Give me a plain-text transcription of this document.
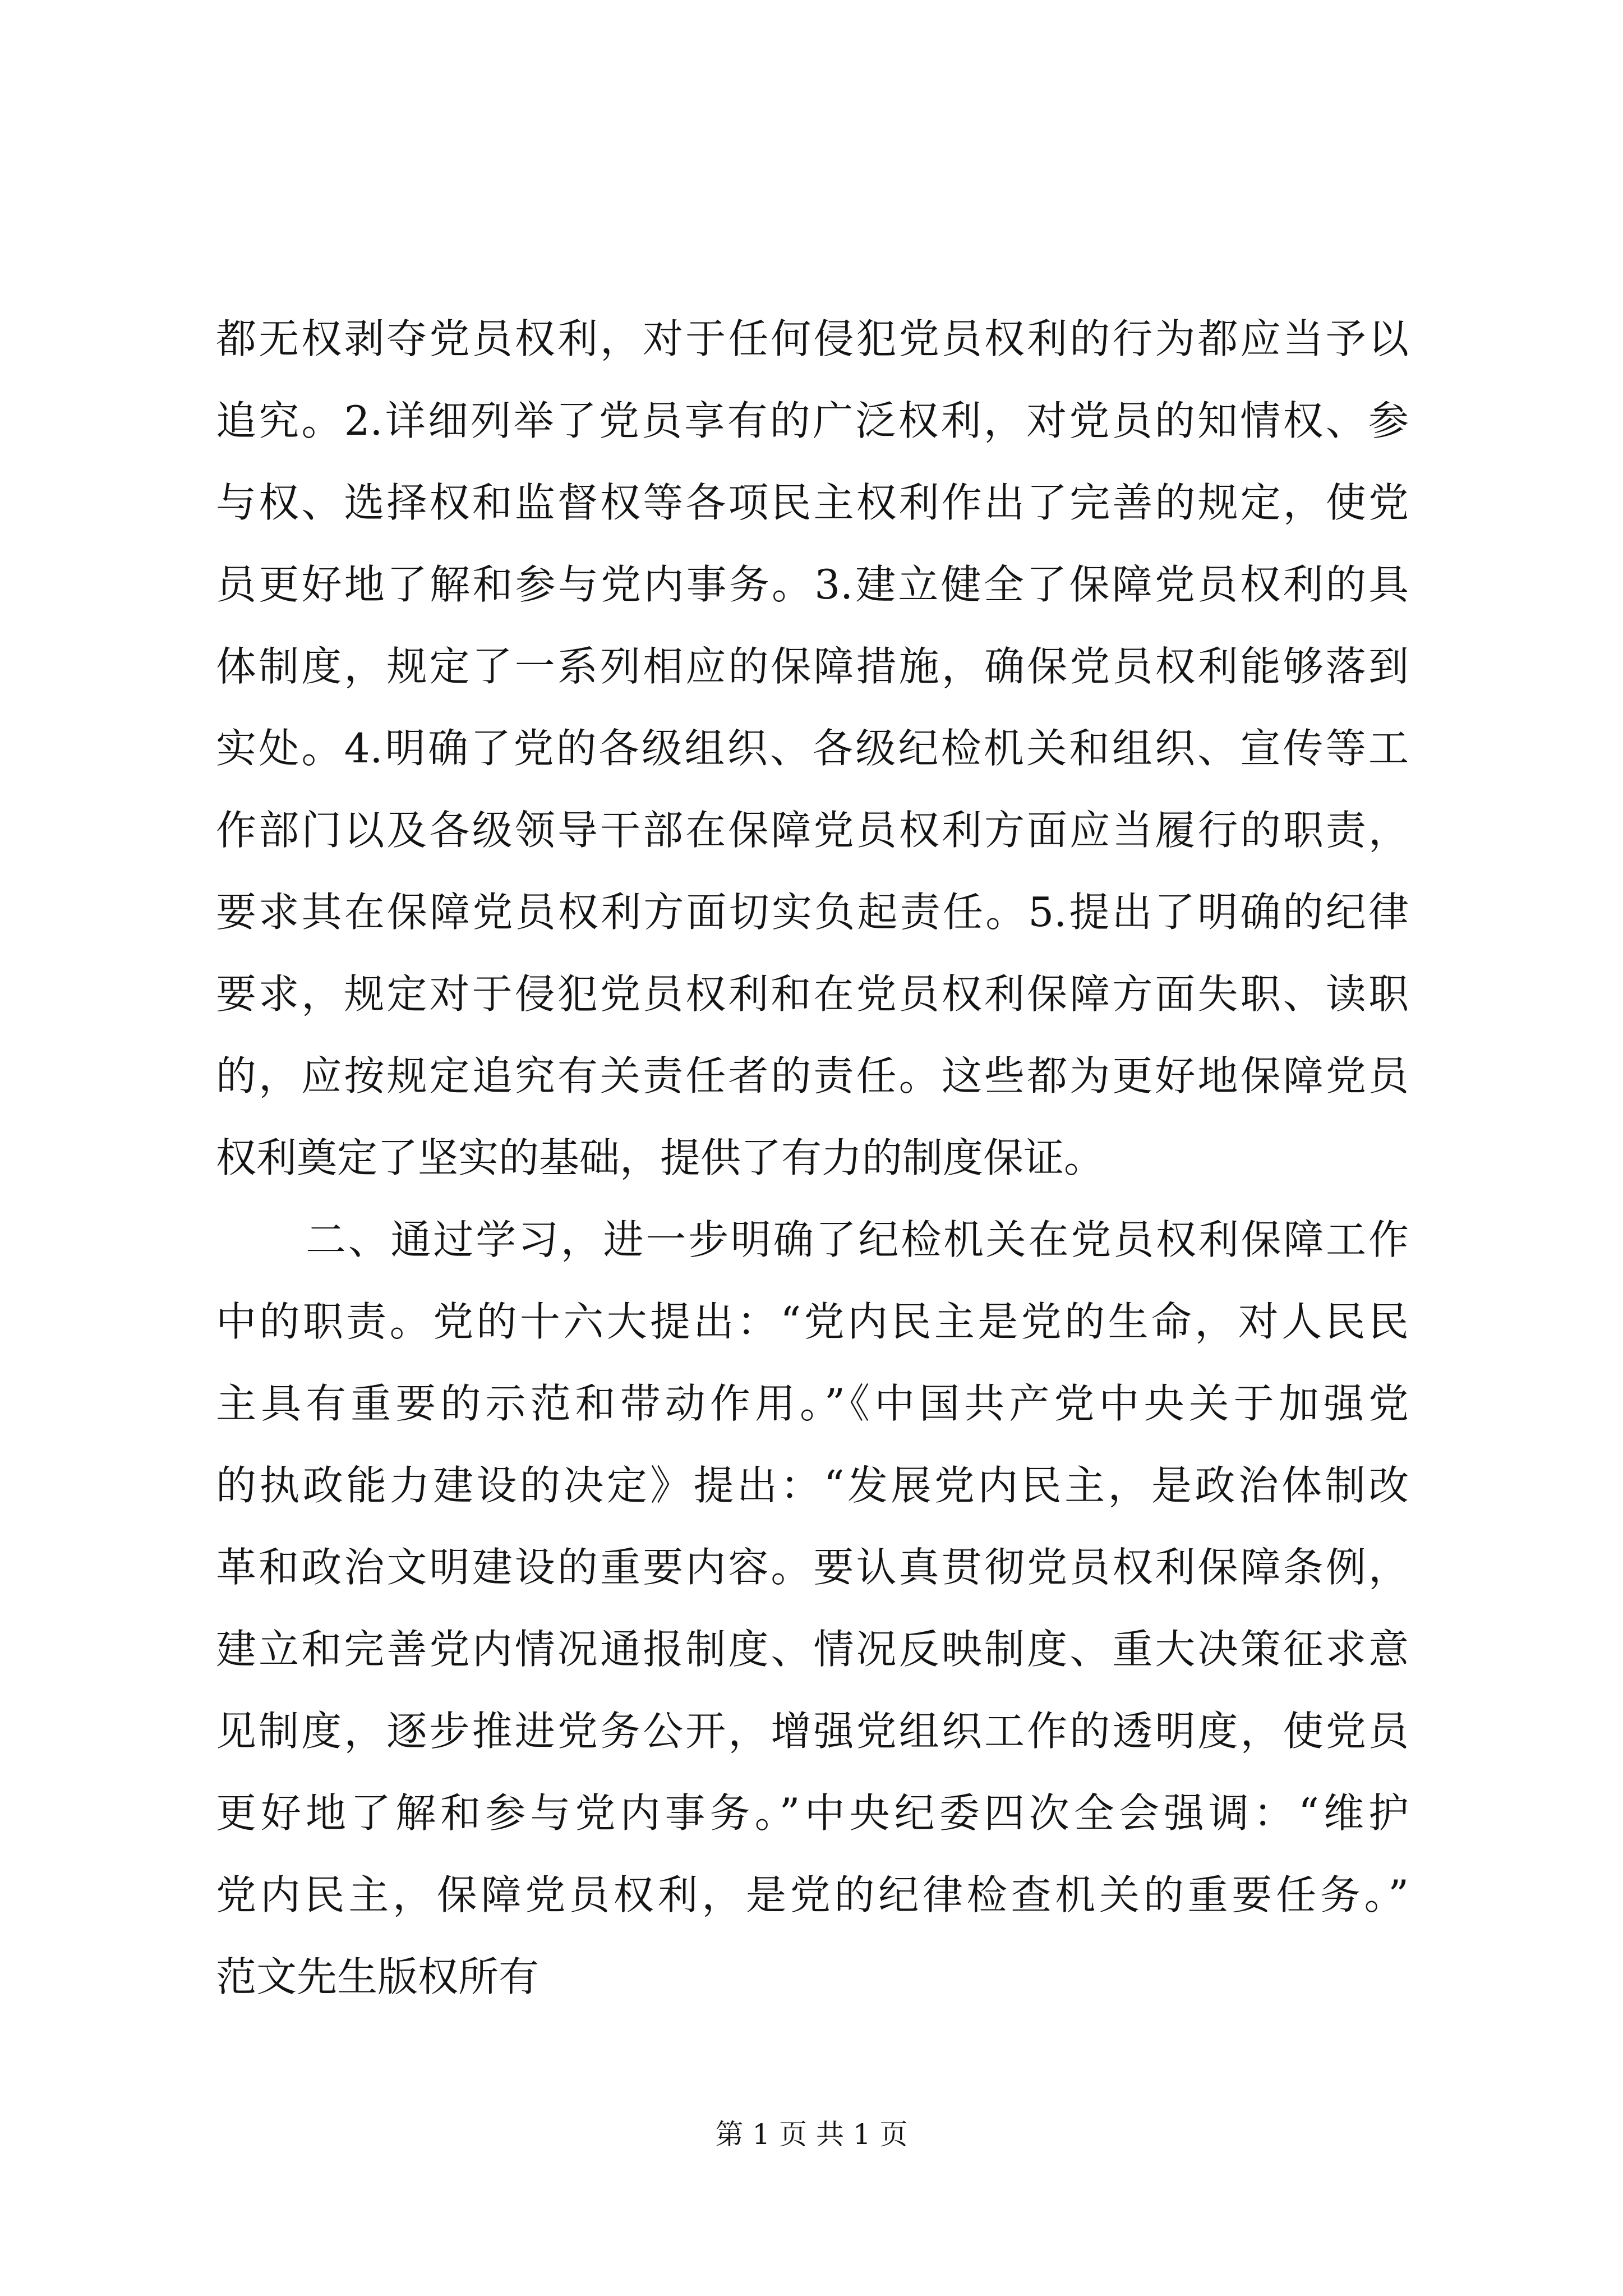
都无权剥夺党员权利，对于任何侵犯党员权利的行为都应当予以
追究。2.详细列举了党员享有的广泛权利，对党员的知情权、参
与权、选择权和监督权等各项民主权利作出了完善的规定，使党
员更好地了解和参与党内事务。3.建立健全了保障党员权利的具
体制度，规定了一系列相应的保障措施，确保党员权利能够落到
实处。4.明确了党的各级组织、各级纪检机关和组织、宣传等工
作部门以及各级领导干部在保障党员权利方面应当履行的职责，
要求其在保障党员权利方面切实负起责任。5.提出了明确的纪律
要求，规定对于侵犯党员权利和在党员权利保障方面失职、读职
的，应按规定追究有关责任者的责任。这些都为更好地保障党员
权利奠定了坚实的基础，提供了有力的制度保证。
二、通过学习，进一步明确了纪检机关在党员权利保障工作
中的职责。党的十六大提出：“党内民主是党的生命，对人民民
主具有重要的示范和带动作用。”《中国共产党中央关于加强党
的执政能力建设的决定》提出：“发展党内民主，是政治体制改
革和政治文明建设的重要内容。要认真贯彻党员权利保障条例，
建立和完善党内情况通报制度、情况反映制度、重大决策征求意
见制度，逐步推进党务公开，增强党组织工作的透明度，使党员
更好地了解和参与党内事务。”中央纪委四次全会强调：“维护
党内民主，保障党员权利，是党的纪律检查机关的重要任务。”
范文先生版权所有
第 1 页 共 1 页
